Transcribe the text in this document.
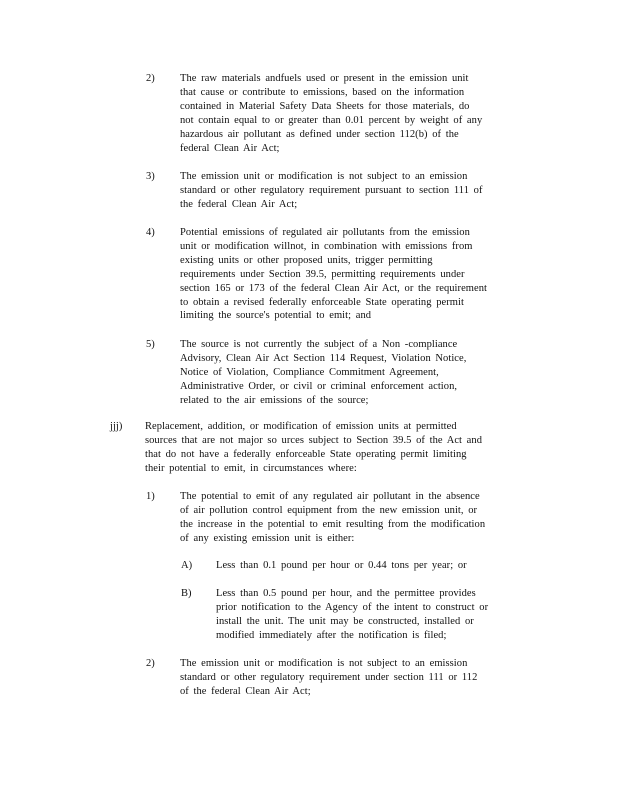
2) The raw materials andfuels used or present in the emission unit
that cause or contribute to emissions, based on the information
contained in Material Safety Data Sheets for those materials, do
not contain equal to or greater than 0.01 percent by weight of any
hazardous air pollutant as defined under section 112(b) of the
federal Clean Air Act;
3) The emission unit or modification is not subject to an emission
standard or other regulatory requirement pursuant to section 111 of
the federal Clean Air Act;
4) Potential emissions of regulated air pollutants from the emission
unit or modification willnot, in combination with emissions from
existing units or other proposed units, trigger permitting
requirements under Section 39.5, permitting requirements under
section 165 or 173 of the federal Clean Air Act, or the requirement
to obtain a revised federally enforceable State operating permit
limiting the source's potential to emit; and
5) The source is not currently the subject of a Non -compliance
Advisory, Clean Air Act Section 114 Request, Violation Notice,
Notice of Violation, Compliance Commitment Agreement,
Administrative Order, or civil or criminal enforcement action,
related to the air emissions of the source;
jjj) Replacement, addition, or modification of emission units at permitted
sources that are not major so urces subject to Section 39.5 of the Act and
that do not have a federally enforceable State operating permit limiting
their potential to emit, in circumstances where:
1) The potential to emit of any regulated air pollutant in the absence
of air pollution control equipment from the new emission unit, or
the increase in the potential to emit resulting from the modification
of any existing emission unit is either:
A) Less than 0.1 pound per hour or 0.44 tons per year; or
B) Less than 0.5 pound per hour, and the permittee provides
prior notification to the Agency of the intent to construct or
install the unit. The unit may be constructed, installed or
modified immediately after the notification is filed;
2) The emission unit or modification is not subject to an emission
standard or other regulatory requirement under section 111 or 112
of the federal Clean Air Act;
